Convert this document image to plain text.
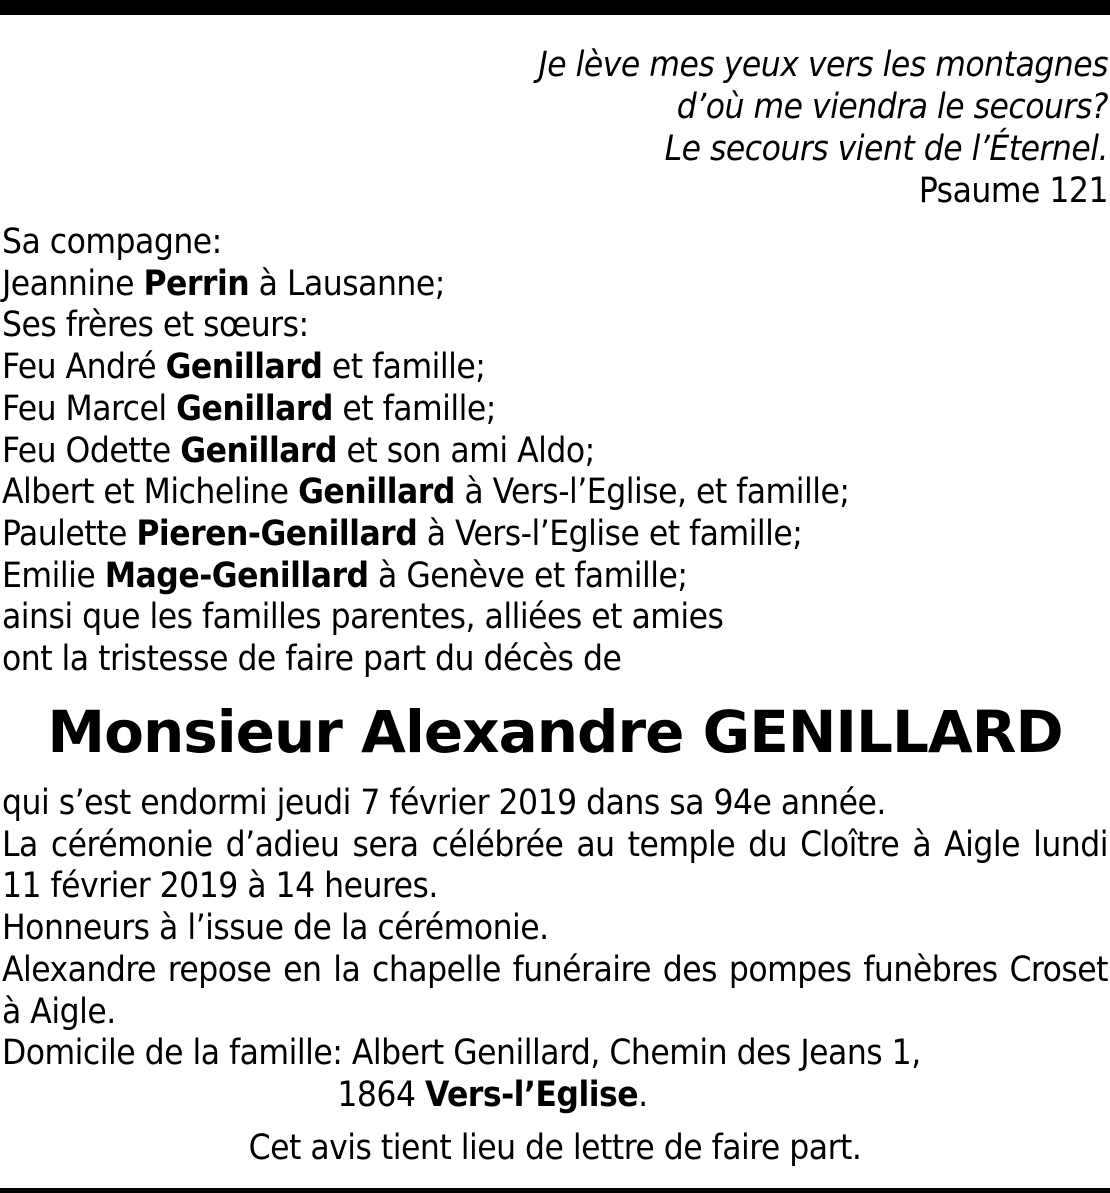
Je lève mes yeux vers les montagnes
d’où me viendra le secours?
Le secours vient de l’Éternel.
Psaume 121
Sa compagne:
Jeannine Perrin à Lausanne;
Ses frères et sœurs:
Feu André Genillard et famille;
Feu Marcel Genillard et famille;
Feu Odette Genillard et son ami Aldo;
Albert et Micheline Genillard à Vers-l’Eglise, et famille;
Paulette Pieren-Genillard à Vers-l’Eglise et famille;
Emilie Mage-Genillard à Genève et famille;
ainsi que les familles parentes, alliées et amies
ont la tristesse de faire part du décès de
Monsieur Alexandre GENILLARD
qui s’est endormi jeudi 7 février 2019 dans sa 94e année.
La cérémonie d’adieu sera célébrée au temple du Cloître à Aigle lundi 11 février 2019 à 14 heures.
Honneurs à l’issue de la cérémonie.
Alexandre repose en la chapelle funéraire des pompes funèbres Croset à Aigle.
Domicile de la famille: Albert Genillard, Chemin des Jeans 1,
1864 Vers-l’Eglise.
Cet avis tient lieu de lettre de faire part.
